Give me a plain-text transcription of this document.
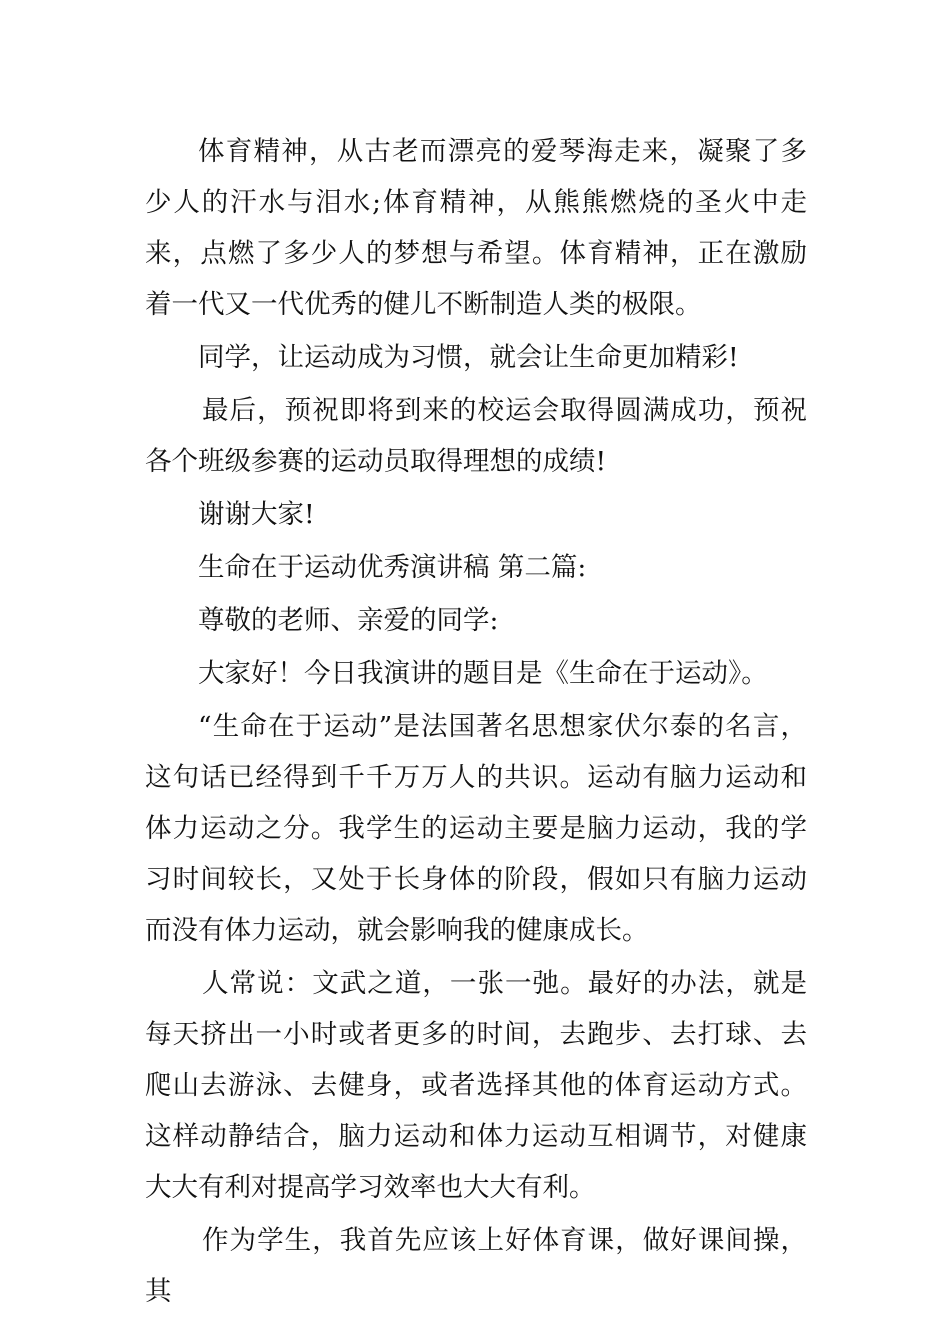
体育精神，从古老而漂亮的爱琴海走来，凝聚了多少人的汗水与泪水;体育精神，从熊熊燃烧的圣火中走来，点燃了多少人的梦想与希望。体育精神，正在激励着一代又一代优秀的健儿不断制造人类的极限。

同学，让运动成为习惯，就会让生命更加精彩!

最后，预祝即将到来的校运会取得圆满成功，预祝各个班级参赛的运动员取得理想的成绩!

谢谢大家!

生命在于运动优秀演讲稿 第二篇:

尊敬的老师、亲爱的同学:

大家好！今日我演讲的题目是《生命在于运动》。

“生命在于运动”是法国著名思想家伏尔泰的名言，这句话已经得到千千万万人的共识。运动有脑力运动和体力运动之分。我学生的运动主要是脑力运动，我的学习时间较长，又处于长身体的阶段，假如只有脑力运动而没有体力运动，就会影响我的健康成长。

人常说：文武之道，一张一弛。最好的办法，就是每天挤出一小时或者更多的时间，去跑步、去打球、去爬山去游泳、去健身，或者选择其他的体育运动方式。这样动静结合，脑力运动和体力运动互相调节，对健康大大有利对提高学习效率也大大有利。

作为学生，我首先应该上好体育课，做好课间操，其
